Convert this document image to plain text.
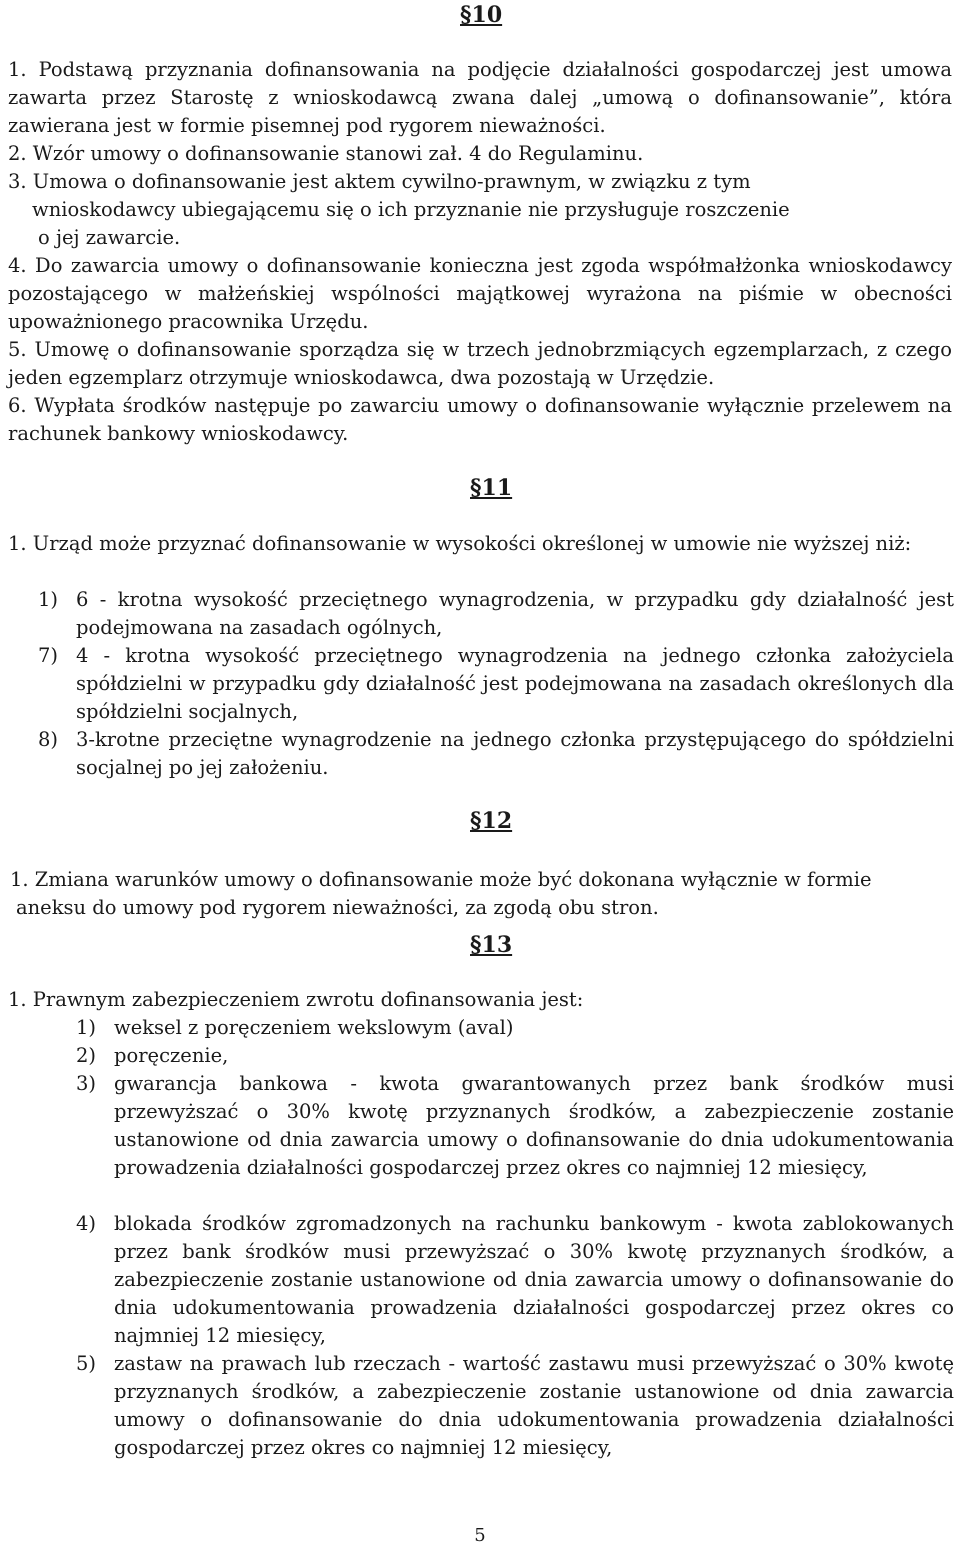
§10
1. Podstawą przyznania dofinansowania na podjęcie działalności gospodarczej jest umowa zawarta przez Starostę z wnioskodawcą zwana dalej „umową o dofinansowanie”, która zawierana jest w formie pisemnej pod rygorem nieważności.
2. Wzór umowy o dofinansowanie stanowi zał. 4 do Regulaminu.
3. Umowa o dofinansowanie jest aktem cywilno-prawnym, w związku z tym
wnioskodawcy ubiegającemu się o ich przyznanie nie przysługuje roszczenie
o jej zawarcie.
4. Do zawarcia umowy o dofinansowanie konieczna jest zgoda współmałżonka wnioskodawcy pozostającego w małżeńskiej wspólności majątkowej wyrażona na piśmie w obecności upoważnionego pracownika Urzędu.
5. Umowę o dofinansowanie sporządza się w trzech jednobrzmiących egzemplarzach, z czego jeden egzemplarz otrzymuje wnioskodawca, dwa pozostają w Urzędzie.
6. Wypłata środków następuje po zawarciu umowy o dofinansowanie wyłącznie przelewem na rachunek bankowy wnioskodawcy.
§11
1. Urząd może przyznać dofinansowanie w wysokości określonej w umowie nie wyższej niż:
1) 6 - krotna wysokość przeciętnego wynagrodzenia, w przypadku gdy działalność jest podejmowana na zasadach ogólnych,
7) 4 - krotna wysokość przeciętnego wynagrodzenia na jednego członka założyciela spółdzielni w przypadku gdy działalność jest podejmowana na zasadach określonych dla spółdzielni socjalnych,
8) 3-krotne przeciętne wynagrodzenie na jednego członka przystępującego do spółdzielni socjalnej po jej założeniu.
§12
1. Zmiana warunków umowy o dofinansowanie może być dokonana wyłącznie w formie
aneksu do umowy pod rygorem nieważności, za zgodą obu stron.
§13
1. Prawnym zabezpieczeniem zwrotu dofinansowania jest:
1) weksel z poręczeniem wekslowym (aval)
2) poręczenie,
3) gwarancja bankowa - kwota gwarantowanych przez bank środków musi przewyższać o 30% kwotę przyznanych środków, a zabezpieczenie zostanie ustanowione od dnia zawarcia umowy o dofinansowanie do dnia udokumentowania prowadzenia działalności gospodarczej przez okres co najmniej 12 miesięcy,
4) blokada środków zgromadzonych na rachunku bankowym - kwota zablokowanych przez bank środków musi przewyższać o 30% kwotę przyznanych środków, a zabezpieczenie zostanie ustanowione od dnia zawarcia umowy o dofinansowanie do dnia udokumentowania prowadzenia działalności gospodarczej przez okres co najmniej 12 miesięcy,
5) zastaw na prawach lub rzeczach - wartość zastawu musi przewyższać o 30% kwotę przyznanych środków, a zabezpieczenie zostanie ustanowione od dnia zawarcia umowy o dofinansowanie do dnia udokumentowania prowadzenia działalności gospodarczej przez okres co najmniej 12 miesięcy,
5
